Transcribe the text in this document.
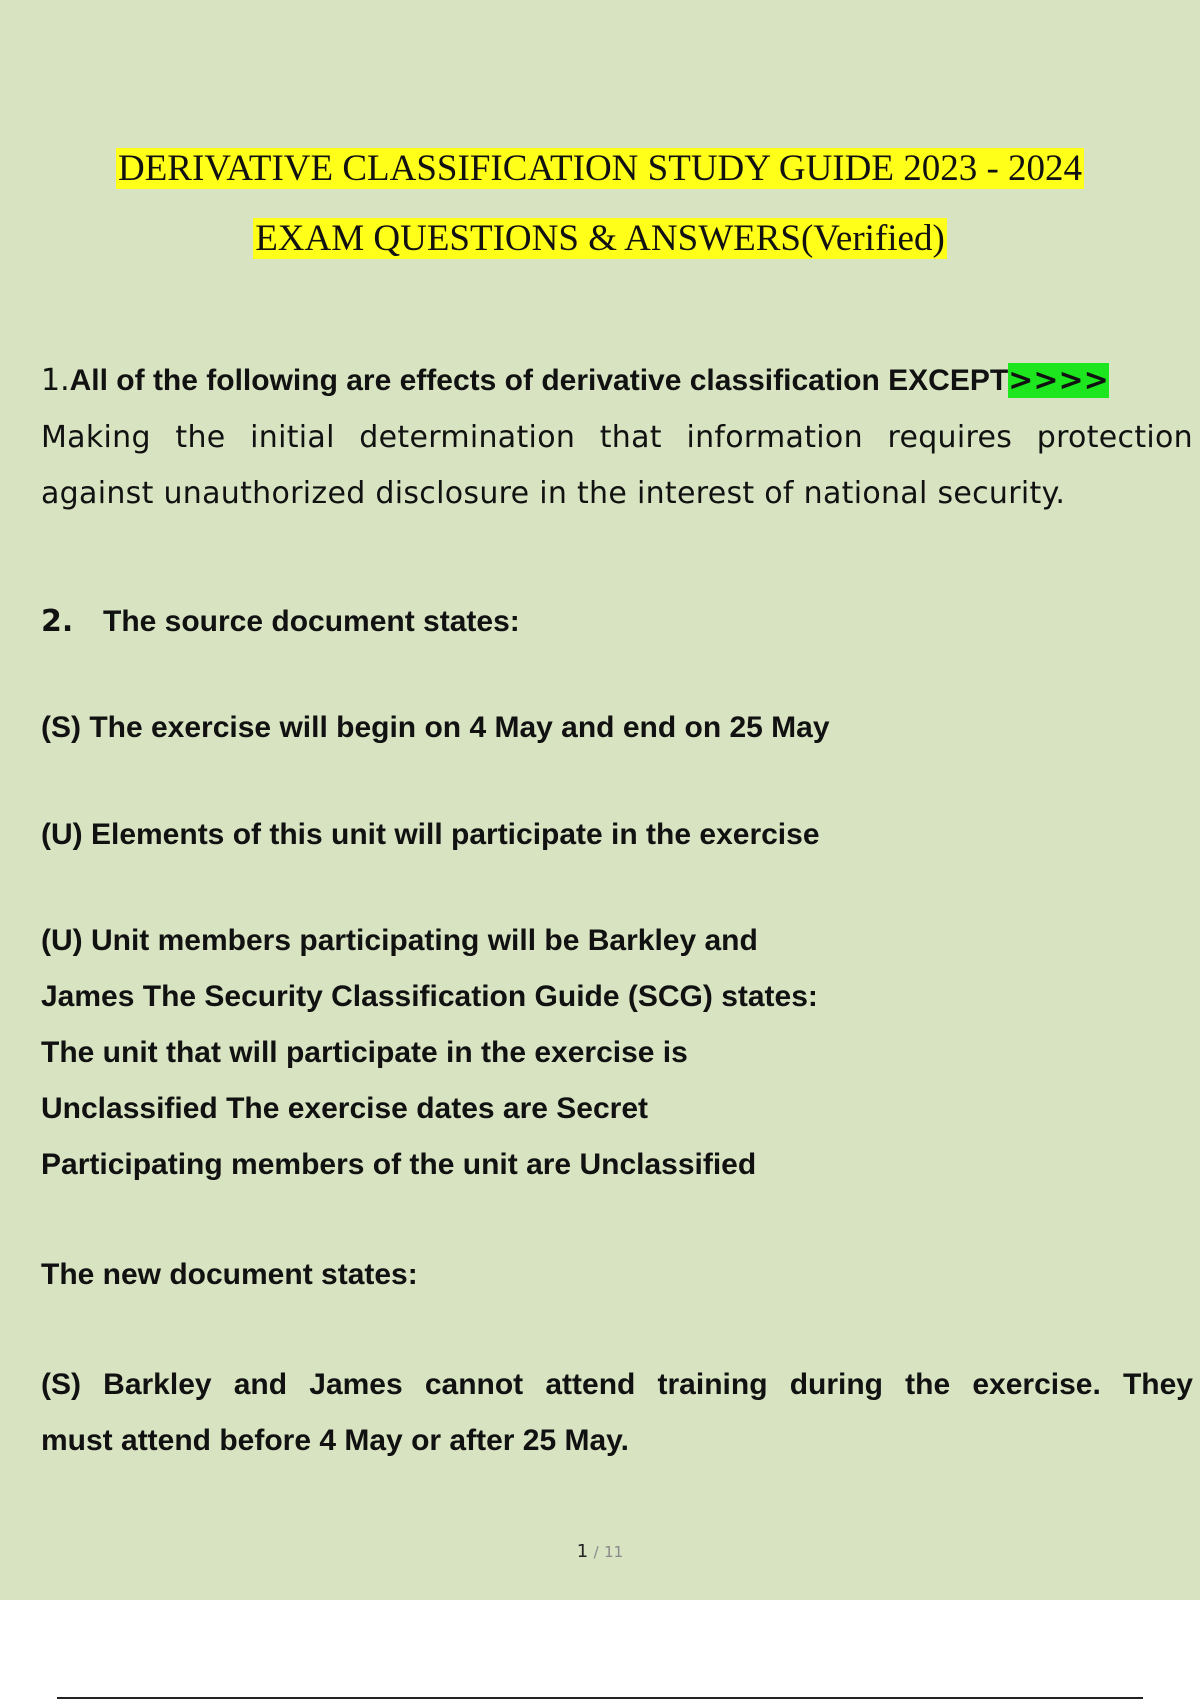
DERIVATIVE CLASSIFICATION STUDY GUIDE 2023 - 2024
EXAM QUESTIONS & ANSWERS(Verified)
1.All of the following are effects of derivative classification EXCEPT>>>>
Making the initial determination that information requires protection
against unauthorized disclosure in the interest of national security.
2. The source document states:
(S) The exercise will begin on 4 May and end on 25 May
(U) Elements of this unit will participate in the exercise
(U) Unit members participating will be Barkley and
James The Security Classification Guide (SCG) states:
The unit that will participate in the exercise is
Unclassified The exercise dates are Secret
Participating members of the unit are Unclassified
The new document states:
(S) Barkley and James cannot attend training during the exercise. They
must attend before 4 May or after 25 May.
1 / 11
